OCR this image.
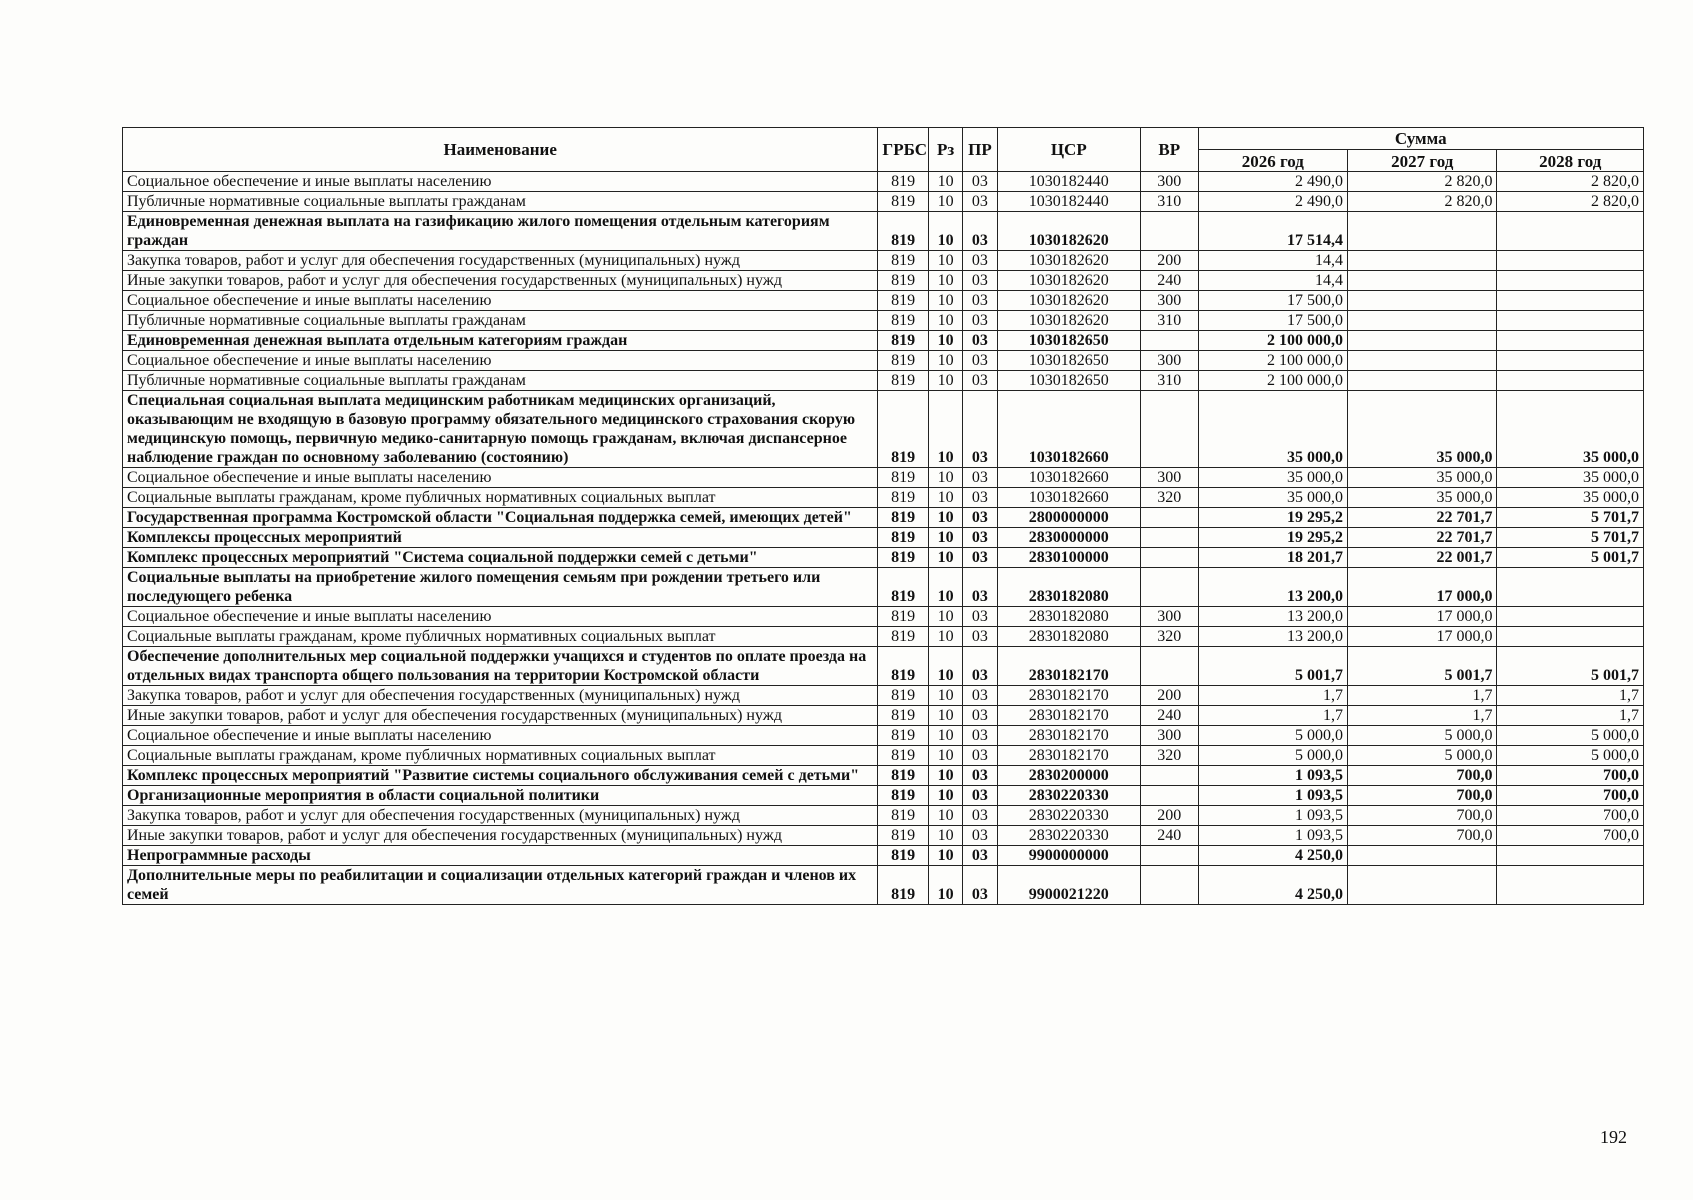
Наименование	ГРБС	Рз	ПР	ЦСР	ВР	Сумма		
						2026 год	2027 год	2028 год
Социальное обеспечение и иные выплаты населению	819	10	03	1030182440	300	2 490,0	2 820,0	2 820,0
Публичные нормативные социальные выплаты гражданам	819	10	03	1030182440	310	2 490,0	2 820,0	2 820,0
Единовременная денежная выплата на газификацию жилого помещения отдельным категориям граждан	819	10	03	1030182620		17 514,4		
Закупка товаров, работ и услуг для обеспечения государственных (муниципальных) нужд	819	10	03	1030182620	200	14,4		
Иные закупки товаров, работ и услуг для обеспечения государственных (муниципальных) нужд	819	10	03	1030182620	240	14,4		
Социальное обеспечение и иные выплаты населению	819	10	03	1030182620	300	17 500,0		
Публичные нормативные социальные выплаты гражданам	819	10	03	1030182620	310	17 500,0		
Единовременная денежная выплата отдельным категориям граждан	819	10	03	1030182650		2 100 000,0		
Социальное обеспечение и иные выплаты населению	819	10	03	1030182650	300	2 100 000,0		
Публичные нормативные социальные выплаты гражданам	819	10	03	1030182650	310	2 100 000,0		
Специальная социальная выплата медицинским работникам медицинских организаций, оказывающим не входящую в базовую программу обязательного медицинского страхования скорую медицинскую помощь, первичную медико-санитарную помощь гражданам, включая диспансерное наблюдение граждан по основному заболеванию (состоянию)	819	10	03	1030182660		35 000,0	35 000,0	35 000,0
Социальное обеспечение и иные выплаты населению	819	10	03	1030182660	300	35 000,0	35 000,0	35 000,0
Социальные выплаты гражданам, кроме публичных нормативных социальных выплат	819	10	03	1030182660	320	35 000,0	35 000,0	35 000,0
Государственная программа Костромской области "Социальная поддержка семей, имеющих детей"	819	10	03	2800000000		19 295,2	22 701,7	5 701,7
Комплексы процессных мероприятий	819	10	03	2830000000		19 295,2	22 701,7	5 701,7
Комплекс процессных мероприятий "Система социальной поддержки семей с детьми"	819	10	03	2830100000		18 201,7	22 001,7	5 001,7
Социальные выплаты на приобретение жилого помещения семьям при рождении третьего или последующего ребенка	819	10	03	2830182080		13 200,0	17 000,0	
Социальное обеспечение и иные выплаты населению	819	10	03	2830182080	300	13 200,0	17 000,0	
Социальные выплаты гражданам, кроме публичных нормативных социальных выплат	819	10	03	2830182080	320	13 200,0	17 000,0	
Обеспечение дополнительных мер социальной поддержки учащихся и студентов по оплате проезда на отдельных видах транспорта общего пользования на территории Костромской области	819	10	03	2830182170		5 001,7	5 001,7	5 001,7
Закупка товаров, работ и услуг для обеспечения государственных (муниципальных) нужд	819	10	03	2830182170	200	1,7	1,7	1,7
Иные закупки товаров, работ и услуг для обеспечения государственных (муниципальных) нужд	819	10	03	2830182170	240	1,7	1,7	1,7
Социальное обеспечение и иные выплаты населению	819	10	03	2830182170	300	5 000,0	5 000,0	5 000,0
Социальные выплаты гражданам, кроме публичных нормативных социальных выплат	819	10	03	2830182170	320	5 000,0	5 000,0	5 000,0
Комплекс процессных мероприятий "Развитие системы социального обслуживания семей с детьми"	819	10	03	2830200000		1 093,5	700,0	700,0
Организационные мероприятия в области социальной политики	819	10	03	2830220330		1 093,5	700,0	700,0
Закупка товаров, работ и услуг для обеспечения государственных (муниципальных) нужд	819	10	03	2830220330	200	1 093,5	700,0	700,0
Иные закупки товаров, работ и услуг для обеспечения государственных (муниципальных) нужд	819	10	03	2830220330	240	1 093,5	700,0	700,0
Непрограммные расходы	819	10	03	9900000000		4 250,0		
Дополнительные меры по реабилитации и социализации отдельных категорий граждан и членов их семей	819	10	03	9900021220		4 250,0		
192
